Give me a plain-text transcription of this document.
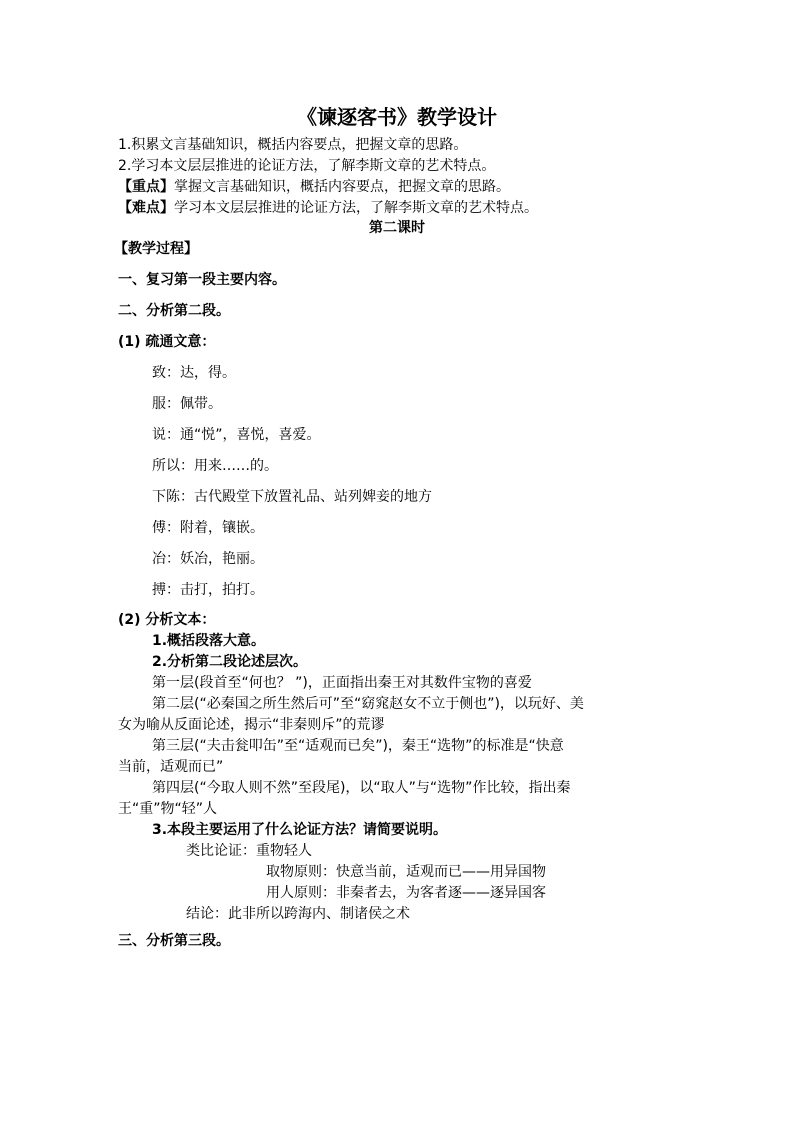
《谏逐客书》教学设计
1.积累文言基础知识，概括内容要点，把握文章的思路。
2.学习本文层层推进的论证方法，了解李斯文章的艺术特点。
【重点】掌握文言基础知识，概括内容要点，把握文章的思路。
【难点】学习本文层层推进的论证方法，了解李斯文章的艺术特点。
第二课时
【教学过程】
一、复习第一段主要内容。
二、分析第二段。
(1) 疏通文意：
致：达，得。
服：佩带。
说：通“悦”，喜悦，喜爱。
所以：用来……的。
下陈：古代殿堂下放置礼品、站列婢妾的地方
傅：附着，镶嵌。
冶：妖冶，艳丽。
搏：击打，拍打。
(2) 分析文本：
1.概括段落大意。
2.分析第二段论述层次。
第一层(段首至“何也？ ”)，正面指出秦王对其数件宝物的喜爱
第二层(“必秦国之所生然后可”至“窈窕赵女不立于侧也”)，以玩好、美
女为喻从反面论述，揭示“非秦则斥”的荒谬
第三层(“夫击瓮叩缶”至“适观而已矣”)，秦王“选物”的标准是“快意
当前，适观而已”
第四层(“今取人则不然”至段尾)，以“取人”与“选物”作比较，指出秦
王“重”物“轻”人
3.本段主要运用了什么论证方法？请简要说明。
类比论证：重物轻人
取物原则：快意当前，适观而已——用异国物
用人原则：非秦者去，为客者逐——逐异国客
结论：此非所以跨海内、制诸侯之术
三、分析第三段。
